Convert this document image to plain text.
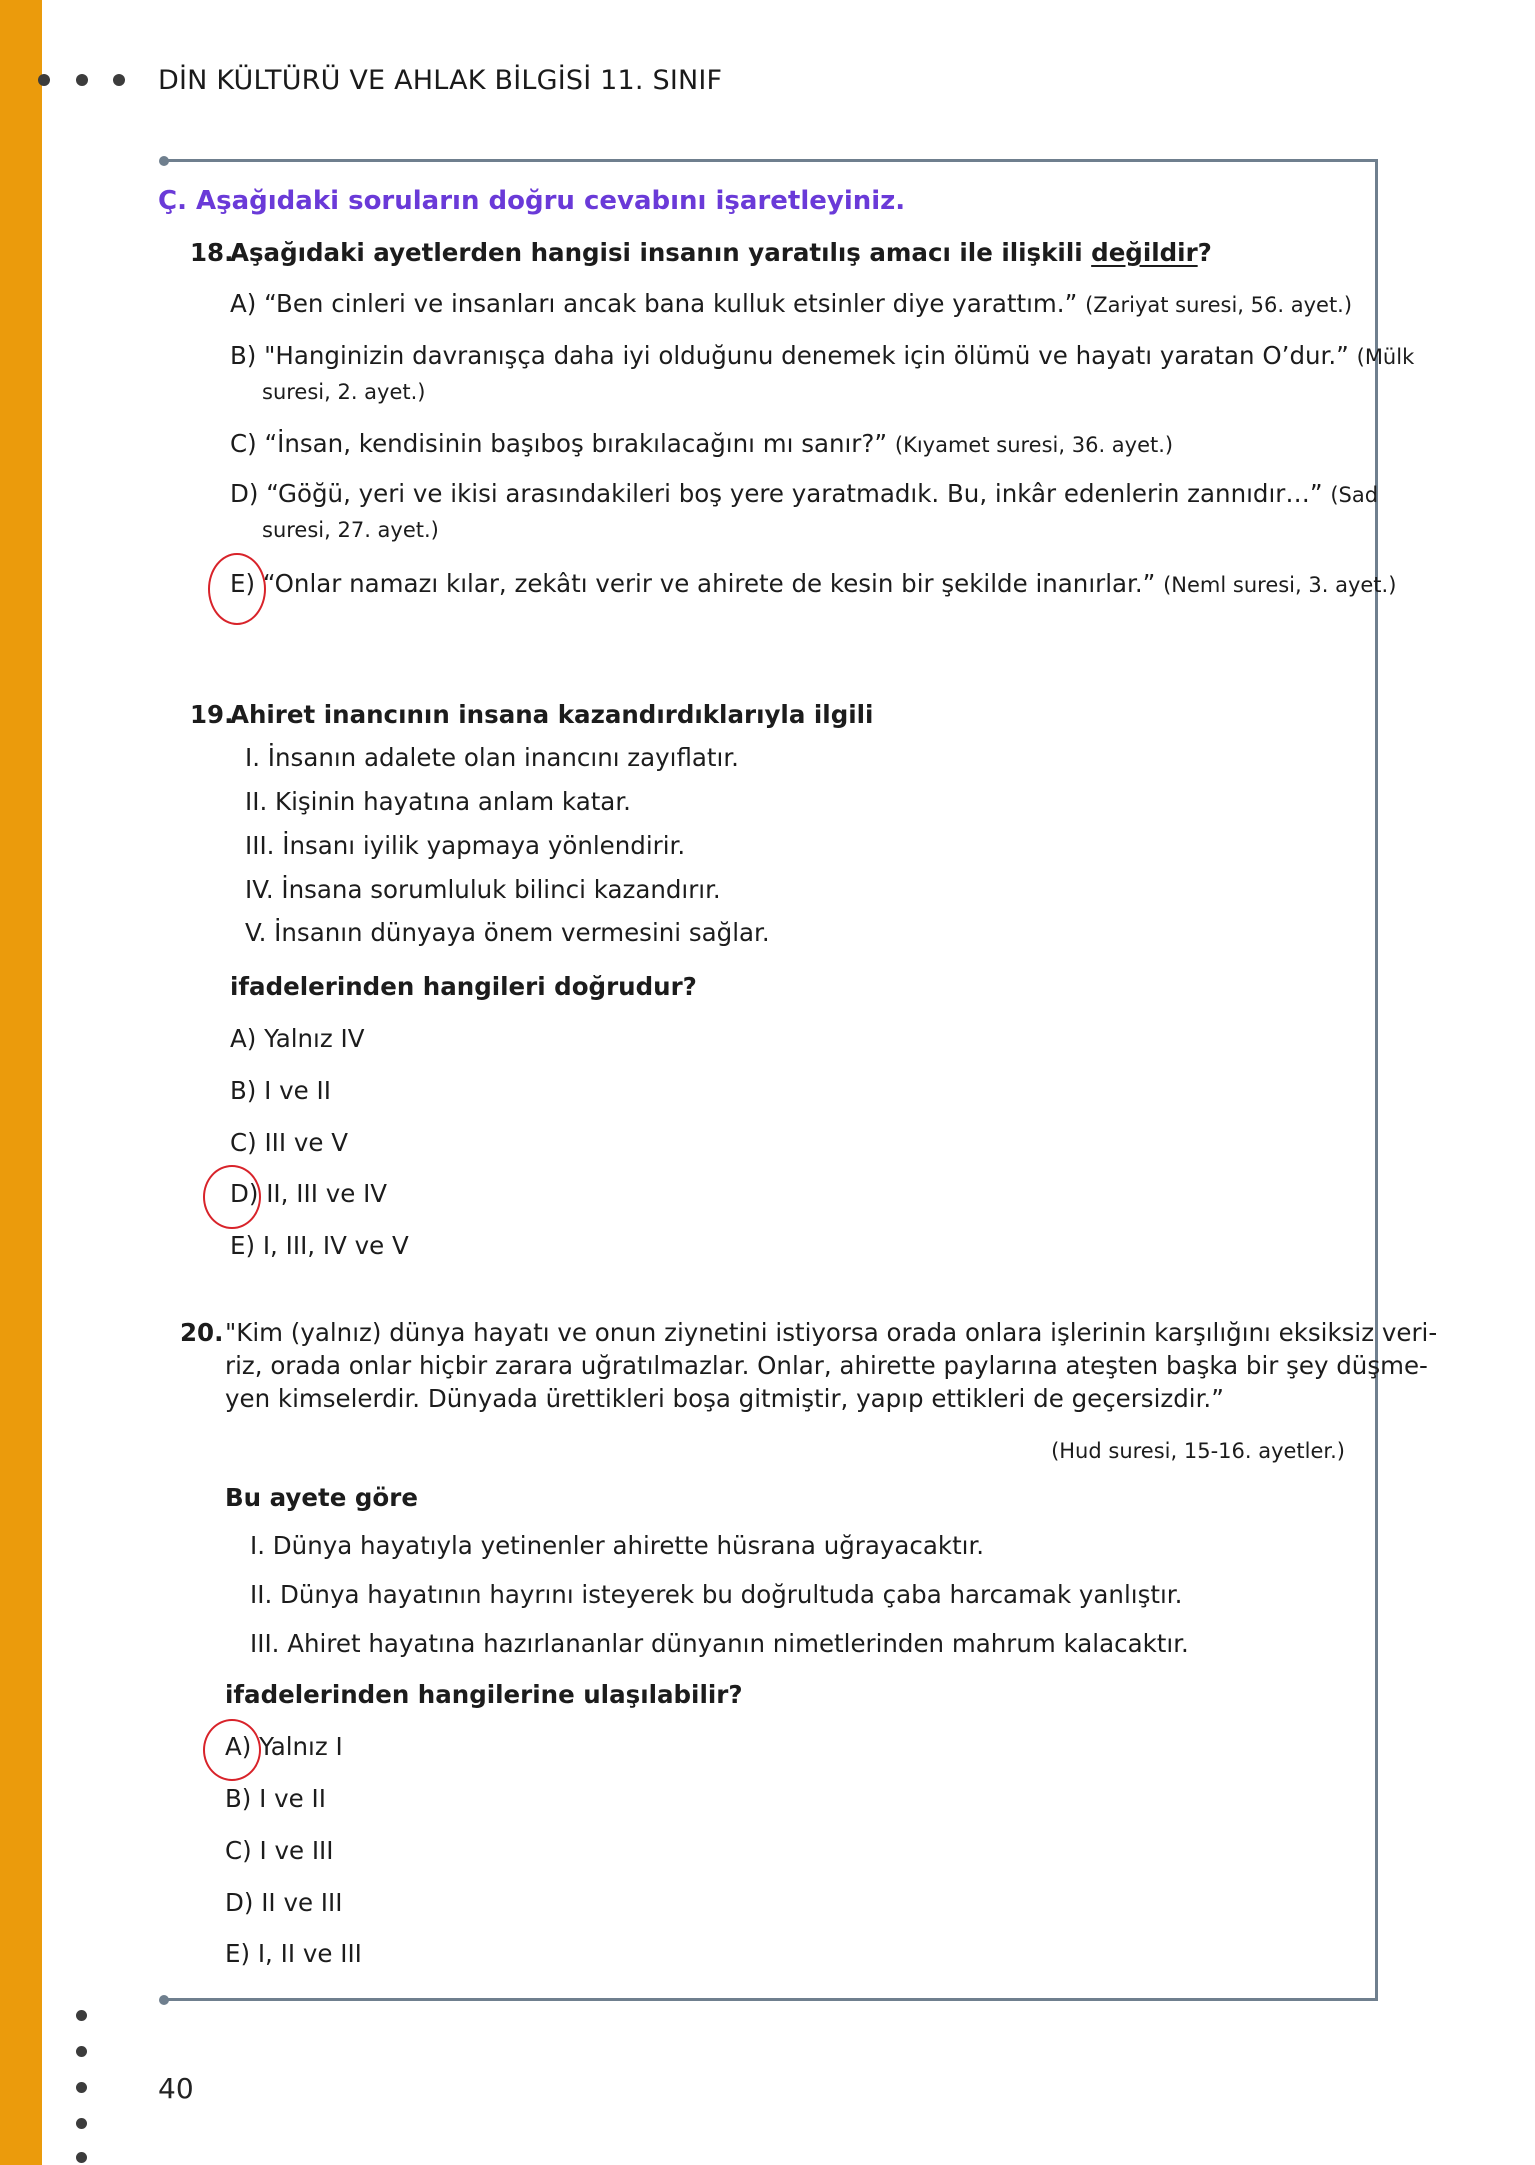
DİN KÜLTÜRÜ VE AHLAK BİLGİSİ 11. SINIF
Ç. Aşağıdaki soruların doğru cevabını işaretleyiniz.
18.
Aşağıdaki ayetlerden hangisi insanın yaratılış amacı ile ilişkili değildir?
A) “Ben cinleri ve insanları ancak bana kulluk etsinler diye yarattım.” (Zariyat suresi, 56. ayet.)
B) "Hanginizin davranışça daha iyi olduğunu denemek için ölümü ve hayatı yaratan O’dur.” (Mülk
suresi, 2. ayet.)
C) “İnsan, kendisinin başıboş bırakılacağını mı sanır?” (Kıyamet suresi, 36. ayet.)
D) “Göğü, yeri ve ikisi arasındakileri boş yere yaratmadık. Bu, inkâr edenlerin zannıdır…” (Sad
suresi, 27. ayet.)
E) “Onlar namazı kılar, zekâtı verir ve ahirete de kesin bir şekilde inanırlar.” (Neml suresi, 3. ayet.)
19.
Ahiret inancının insana kazandırdıklarıyla ilgili
I. İnsanın adalete olan inancını zayıflatır.
II. Kişinin hayatına anlam katar.
III. İnsanı iyilik yapmaya yönlendirir.
IV. İnsana sorumluluk bilinci kazandırır.
V. İnsanın dünyaya önem vermesini sağlar.
ifadelerinden hangileri doğrudur?
A) Yalnız IV
B) I ve II
C) III ve V
D) II, III ve IV
E) I, III, IV ve V
20. "Kim (yalnız) dünya hayatı ve onun ziynetini istiyorsa orada onlara işlerinin karşılığını eksiksiz veri-
riz, orada onlar hiçbir zarara uğratılmazlar. Onlar, ahirette paylarına ateşten başka bir şey düşme-
yen kimselerdir. Dünyada ürettikleri boşa gitmiştir, yapıp ettikleri de geçersizdir.”
(Hud suresi, 15-16. ayetler.)
Bu ayete göre
I. Dünya hayatıyla yetinenler ahirette hüsrana uğrayacaktır.
II. Dünya hayatının hayrını isteyerek bu doğrultuda çaba harcamak yanlıştır.
III. Ahiret hayatına hazırlananlar dünyanın nimetlerinden mahrum kalacaktır.
ifadelerinden hangilerine ulaşılabilir?
A) Yalnız I
B) I ve II
C) I ve III
D) II ve III
E) I, II ve III
40
